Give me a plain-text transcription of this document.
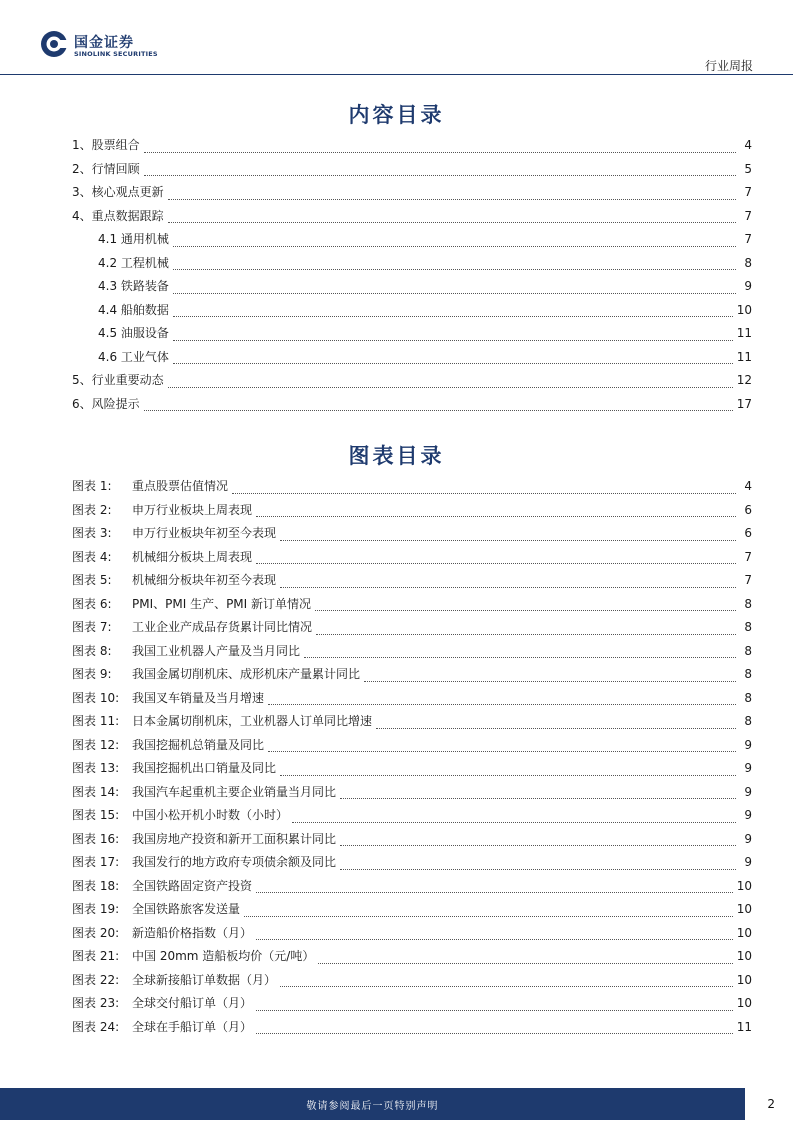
国金证券
SINOLINK SECURITIES
行业周报
内容目录
1、股票组合	4
2、行情回顾	5
3、核心观点更新	7
4、重点数据跟踪	7
4.1 通用机械	7
4.2 工程机械	8
4.3 铁路装备	9
4.4 船舶数据	10
4.5 油服设备	11
4.6 工业气体	11
5、行业重要动态	12
6、风险提示	17
图表目录
图表 1:	重点股票估值情况	4
图表 2:	申万行业板块上周表现	6
图表 3:	申万行业板块年初至今表现	6
图表 4:	机械细分板块上周表现	7
图表 5:	机械细分板块年初至今表现	7
图表 6:	PMI、PMI 生产、PMI 新订单情况	8
图表 7:	工业企业产成品存货累计同比情况	8
图表 8:	我国工业机器人产量及当月同比	8
图表 9:	我国金属切削机床、成形机床产量累计同比	8
图表 10:	我国叉车销量及当月增速	8
图表 11:	日本金属切削机床，工业机器人订单同比增速	8
图表 12:	我国挖掘机总销量及同比	9
图表 13:	我国挖掘机出口销量及同比	9
图表 14:	我国汽车起重机主要企业销量当月同比	9
图表 15:	中国小松开机小时数（小时）	9
图表 16:	我国房地产投资和新开工面积累计同比	9
图表 17:	我国发行的地方政府专项债余额及同比	9
图表 18:	全国铁路固定资产投资	10
图表 19:	全国铁路旅客发送量	10
图表 20:	新造船价格指数（月）	10
图表 21:	中国 20mm 造船板均价（元/吨）	10
图表 22:	全球新接船订单数据（月）	10
图表 23:	全球交付船订单（月）	10
图表 24:	全球在手船订单（月）	11
敬请参阅最后一页特别声明	2
